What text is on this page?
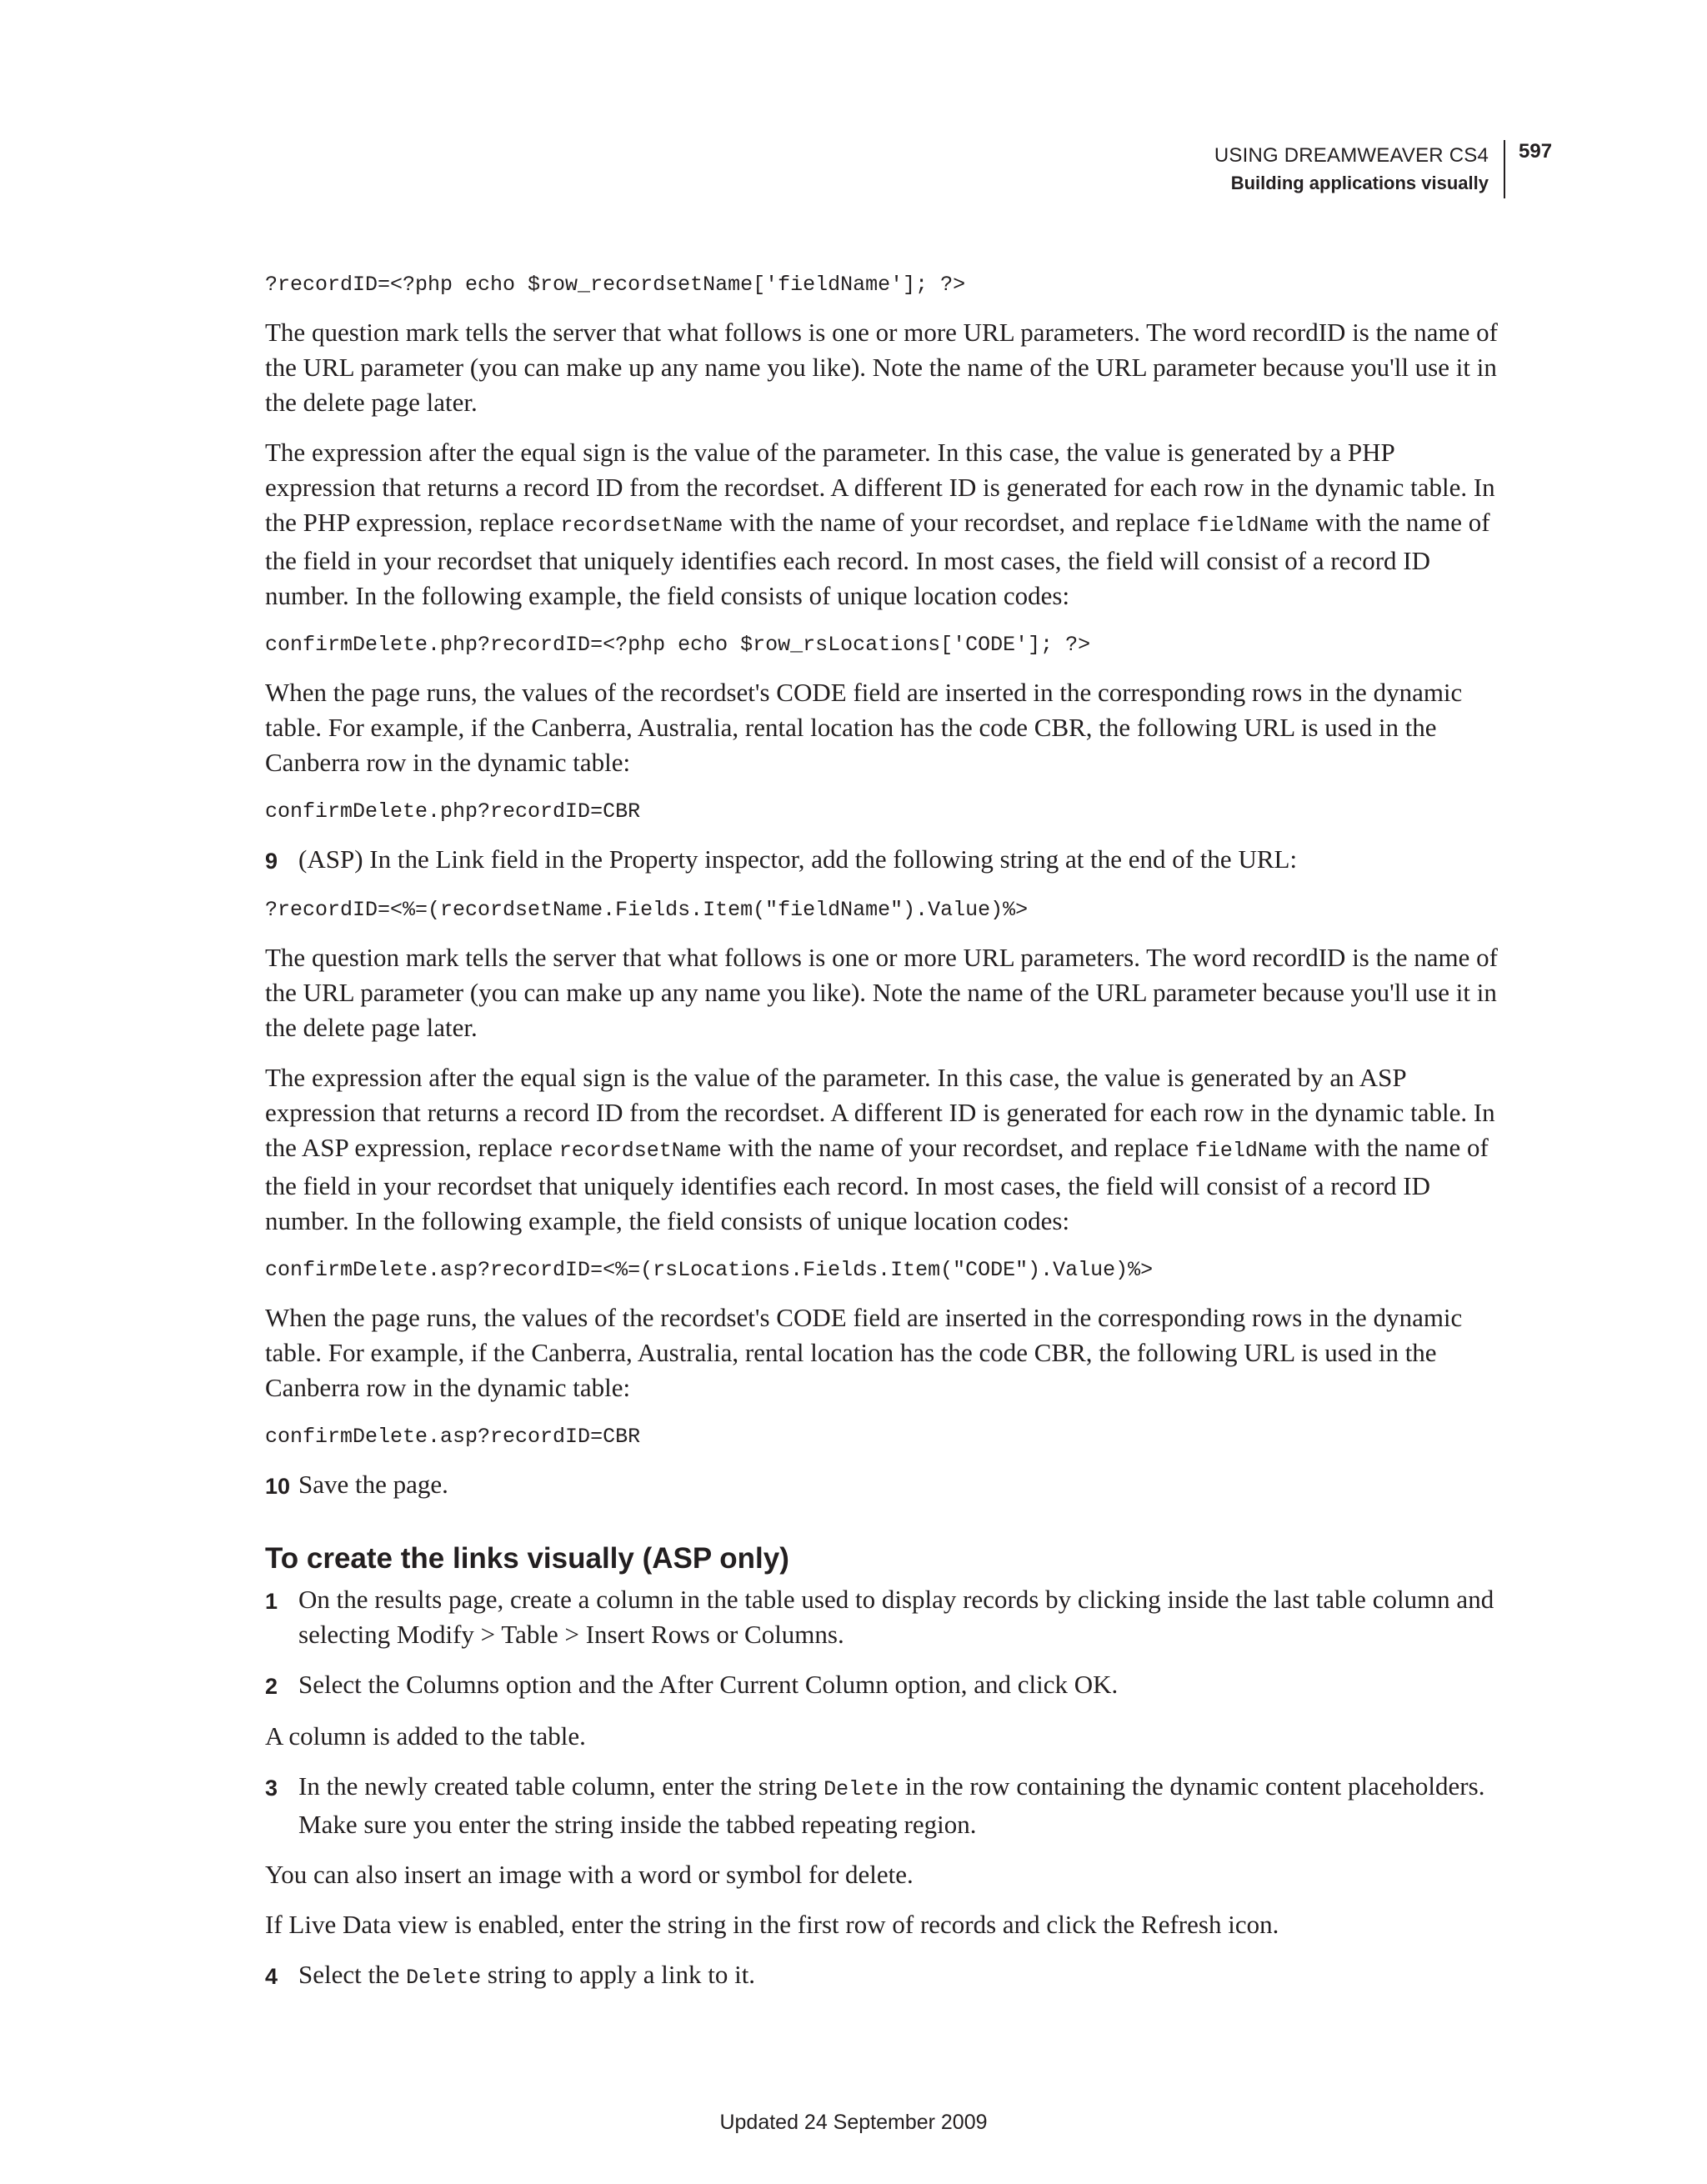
USING DREAMWEAVER CS4
Building applications visually
597
?recordID=<?php echo $row_recordsetName['fieldName']; ?>

The question mark tells the server that what follows is one or more URL parameters. The word recordID is the name of the URL parameter (you can make up any name you like). Note the name of the URL parameter because you'll use it in the delete page later.

The expression after the equal sign is the value of the parameter. In this case, the value is generated by a PHP expression that returns a record ID from the recordset. A different ID is generated for each row in the dynamic table. In the PHP expression, replace recordsetName with the name of your recordset, and replace fieldName with the name of the field in your recordset that uniquely identifies each record. In most cases, the field will consist of a record ID number. In the following example, the field consists of unique location codes:

confirmDelete.php?recordID=<?php echo $row_rsLocations['CODE']; ?>

When the page runs, the values of the recordset's CODE field are inserted in the corresponding rows in the dynamic table. For example, if the Canberra, Australia, rental location has the code CBR, the following URL is used in the Canberra row in the dynamic table:

confirmDelete.php?recordID=CBR
9 (ASP) In the Link field in the Property inspector, add the following string at the end of the URL:
?recordID=<%=(recordsetName.Fields.Item("fieldName").Value)%>

The question mark tells the server that what follows is one or more URL parameters. The word recordID is the name of the URL parameter (you can make up any name you like). Note the name of the URL parameter because you'll use it in the delete page later.

The expression after the equal sign is the value of the parameter. In this case, the value is generated by an ASP expression that returns a record ID from the recordset. A different ID is generated for each row in the dynamic table. In the ASP expression, replace recordsetName with the name of your recordset, and replace fieldName with the name of the field in your recordset that uniquely identifies each record. In most cases, the field will consist of a record ID number. In the following example, the field consists of unique location codes:

confirmDelete.asp?recordID=<%=(rsLocations.Fields.Item("CODE").Value)%>

When the page runs, the values of the recordset's CODE field are inserted in the corresponding rows in the dynamic table. For example, if the Canberra, Australia, rental location has the code CBR, the following URL is used in the Canberra row in the dynamic table:

confirmDelete.asp?recordID=CBR
10 Save the page.
To create the links visually (ASP only)
1 On the results page, create a column in the table used to display records by clicking inside the last table column and selecting Modify > Table > Insert Rows or Columns.
2 Select the Columns option and the After Current Column option, and click OK.

A column is added to the table.

3 In the newly created table column, enter the string Delete in the row containing the dynamic content placeholders. Make sure you enter the string inside the tabbed repeating region.

You can also insert an image with a word or symbol for delete.

If Live Data view is enabled, enter the string in the first row of records and click the Refresh icon.

4 Select the Delete string to apply a link to it.
Updated 24 September 2009
